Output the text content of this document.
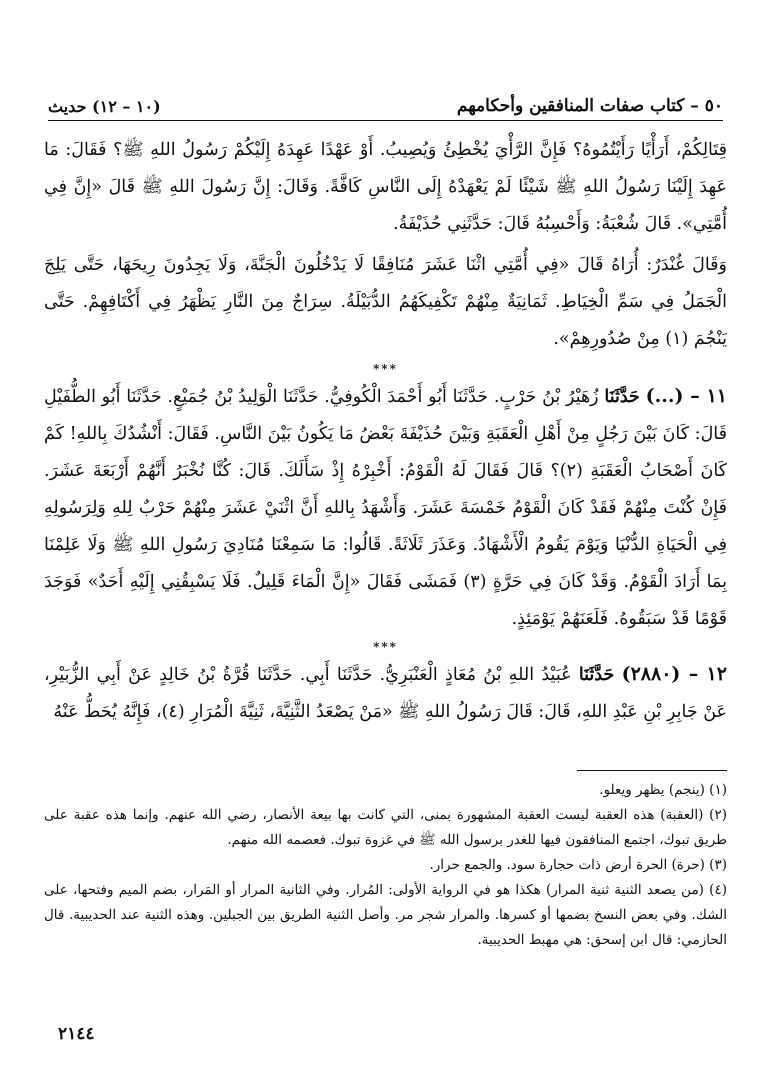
٥٠ – كتاب صفات المنافقين وأحكامهم
(١٠ – ١٢) حديث

قِتَالِكُمْ، أَرَأْيًا رَأَيْتُمُوهُ؟ فَإِنَّ الرَّأْيَ يُخْطِئُ وَيُصِيبُ. أَوْ عَهْدًا عَهِدَهُ إِلَيْكُمْ رَسُولُ اللهِ ﷺ؟ فَقَالَ: مَا عَهِدَ إِلَيْنَا رَسُولُ اللهِ ﷺ شَيْئًا لَمْ يَعْهَدْهُ إِلَى النَّاسِ كَافَّةً. وَقَالَ: إِنَّ رَسُولَ اللهِ ﷺ قَالَ «إِنَّ فِي أُمَّتِي». قَالَ شُعْبَةُ: وَأَحْسِبُهُ قَالَ: حَدَّثَنِي حُذَيْفَةُ.

وَقَالَ غُنْدَرٌ: أُرَاهُ قَالَ «فِي أُمَّتِي اثْنَا عَشَرَ مُنَافِقًا لَا يَدْخُلُونَ الْجَنَّةَ، وَلَا يَجِدُونَ رِيحَهَا، حَتَّى يَلِجَ الْجَمَلُ فِي سَمِّ الْخِيَاطِ. ثَمَانِيَةٌ مِنْهُمْ تَكْفِيكَهُمُ الدُّبَيْلَةُ. سِرَاجٌ مِنَ النَّارِ يَظْهَرُ فِي أَكْتَافِهِمْ. حَتَّى يَنْجُمَ (١) مِنْ صُدُورِهِمْ».

***

١١ – (...) حَدَّثَنَا زُهَيْرُ بْنُ حَرْبٍ. حَدَّثَنَا أَبُو أَحْمَدَ الْكُوفِيُّ. حَدَّثَنَا الْوَلِيدُ بْنُ جُمَيْعٍ. حَدَّثَنَا أَبُو الطُّفَيْلِ قَالَ: كَانَ بَيْنَ رَجُلٍ مِنْ أَهْلِ الْعَقَبَةِ وَبَيْنَ حُذَيْفَةَ بَعْضُ مَا يَكُونُ بَيْنَ النَّاسِ. فَقَالَ: أَنْشُدُكَ بِاللهِ! كَمْ كَانَ أَصْحَابُ الْعَقَبَةِ (٢)؟ قَالَ فَقَالَ لَهُ الْقَوْمُ: أَخْبِرْهُ إِذْ سَأَلَكَ. قَالَ: كُنَّا نُخْبَرُ أَنَّهُمْ أَرْبَعَةَ عَشَرَ. فَإِنْ كُنْتَ مِنْهُمْ فَقَدْ كَانَ الْقَوْمُ خَمْسَةَ عَشَرَ. وَأَشْهَدُ بِاللهِ أَنَّ اثْنَيْ عَشَرَ مِنْهُمْ حَرْبٌ لِلهِ وَلِرَسُولِهِ فِي الْحَيَاةِ الدُّنْيَا وَيَوْمَ يَقُومُ الْأَشْهَادُ. وَعَذَرَ ثَلَاثَةً. قَالُوا: مَا سَمِعْنَا مُنَادِيَ رَسُولِ اللهِ ﷺ وَلَا عَلِمْنَا بِمَا أَرَادَ الْقَوْمُ. وَقَدْ كَانَ فِي حَرَّةٍ (٣) فَمَشَى فَقَالَ «إِنَّ الْمَاءَ قَلِيلٌ. فَلَا يَسْبِقُنِي إِلَيْهِ أَحَدٌ» فَوَجَدَ قَوْمًا قَدْ سَبَقُوهُ. فَلَعَنَهُمْ يَوْمَئِذٍ.

***

١٢ – (٢٨٨٠) حَدَّثَنَا عُبَيْدُ اللهِ بْنُ مُعَاذٍ الْعَنْبَرِيُّ. حَدَّثَنَا أَبِي. حَدَّثَنَا قُرَّةُ بْنُ خَالِدٍ عَنْ أَبِي الزُّبَيْرِ، عَنْ جَابِرِ بْنِ عَبْدِ اللهِ، قَالَ: قَالَ رَسُولُ اللهِ ﷺ «مَنْ يَصْعَدُ الثَّنِيَّةَ، ثَنِيَّةَ الْمُرَارِ (٤)، فَإِنَّهُ يُحَطُّ عَنْهُ

(١) (ينجم) يظهر ويعلو.

(٢) (العقبة) هذه العقبة ليست العقبة المشهورة بمنى، التي كانت بها بيعة الأنصار، رضي الله عنهم. وإنما هذه عقبة على طريق تبوك، اجتمع المنافقون فيها للغدر برسول الله ﷺ في غزوة تبوك. فعصمه الله منهم.

(٣) (حرة) الحرة أرض ذات حجارة سود. والجمع حرار.

(٤) (من يصعد الثنية ثنية المرار) هكذا هو في الرواية الأولى: المُرار. وفي الثانية المرار أو المَرار، بضم الميم وفتحها، على الشك. وفي بعض النسخ بضمها أو كسرها. والمرار شجر مر. وأصل الثنية الطريق بين الجبلين. وهذه الثنية عند الحديبية. قال الحازمي: قال ابن إسحق: هي مهبط الحديبية.

٢١٤٤
